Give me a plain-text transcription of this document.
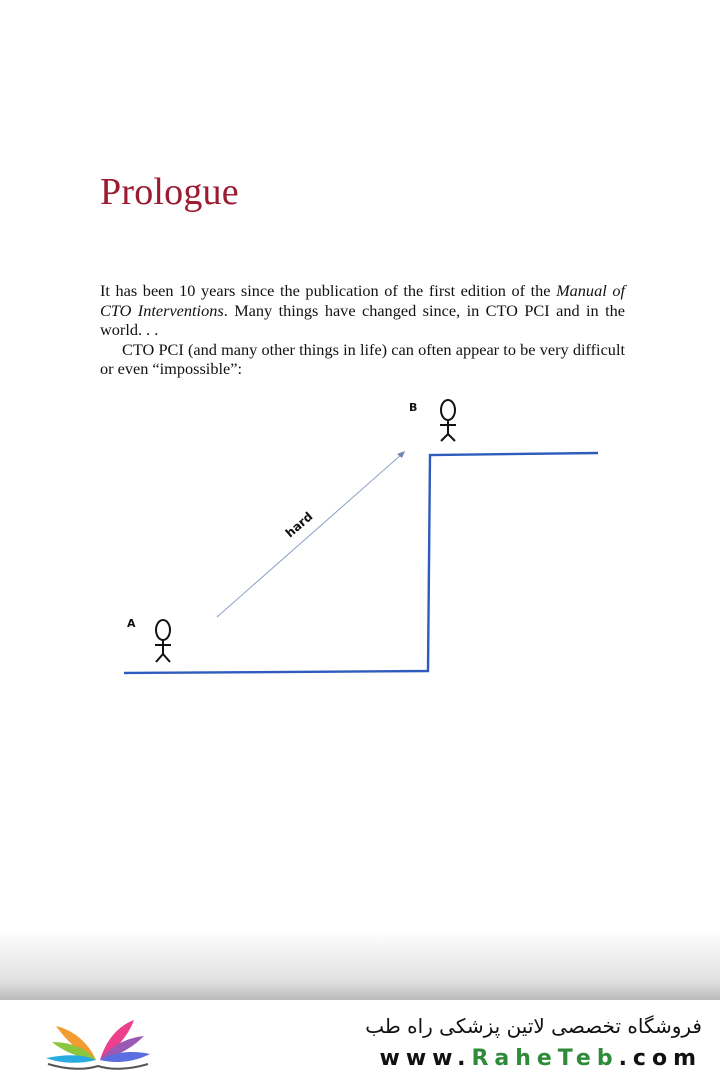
Prologue

It has been 10 years since the publication of the first edition of the Manual of CTO Interventions. Many things have changed since, in CTO PCI and in the world. . .

CTO PCI (and many other things in life) can often appear to be very difficult or even “impossible”:

hard
A
B
فروشگاه تخصصی لاتین پزشکی راه طب
www.RaheTeb.com
